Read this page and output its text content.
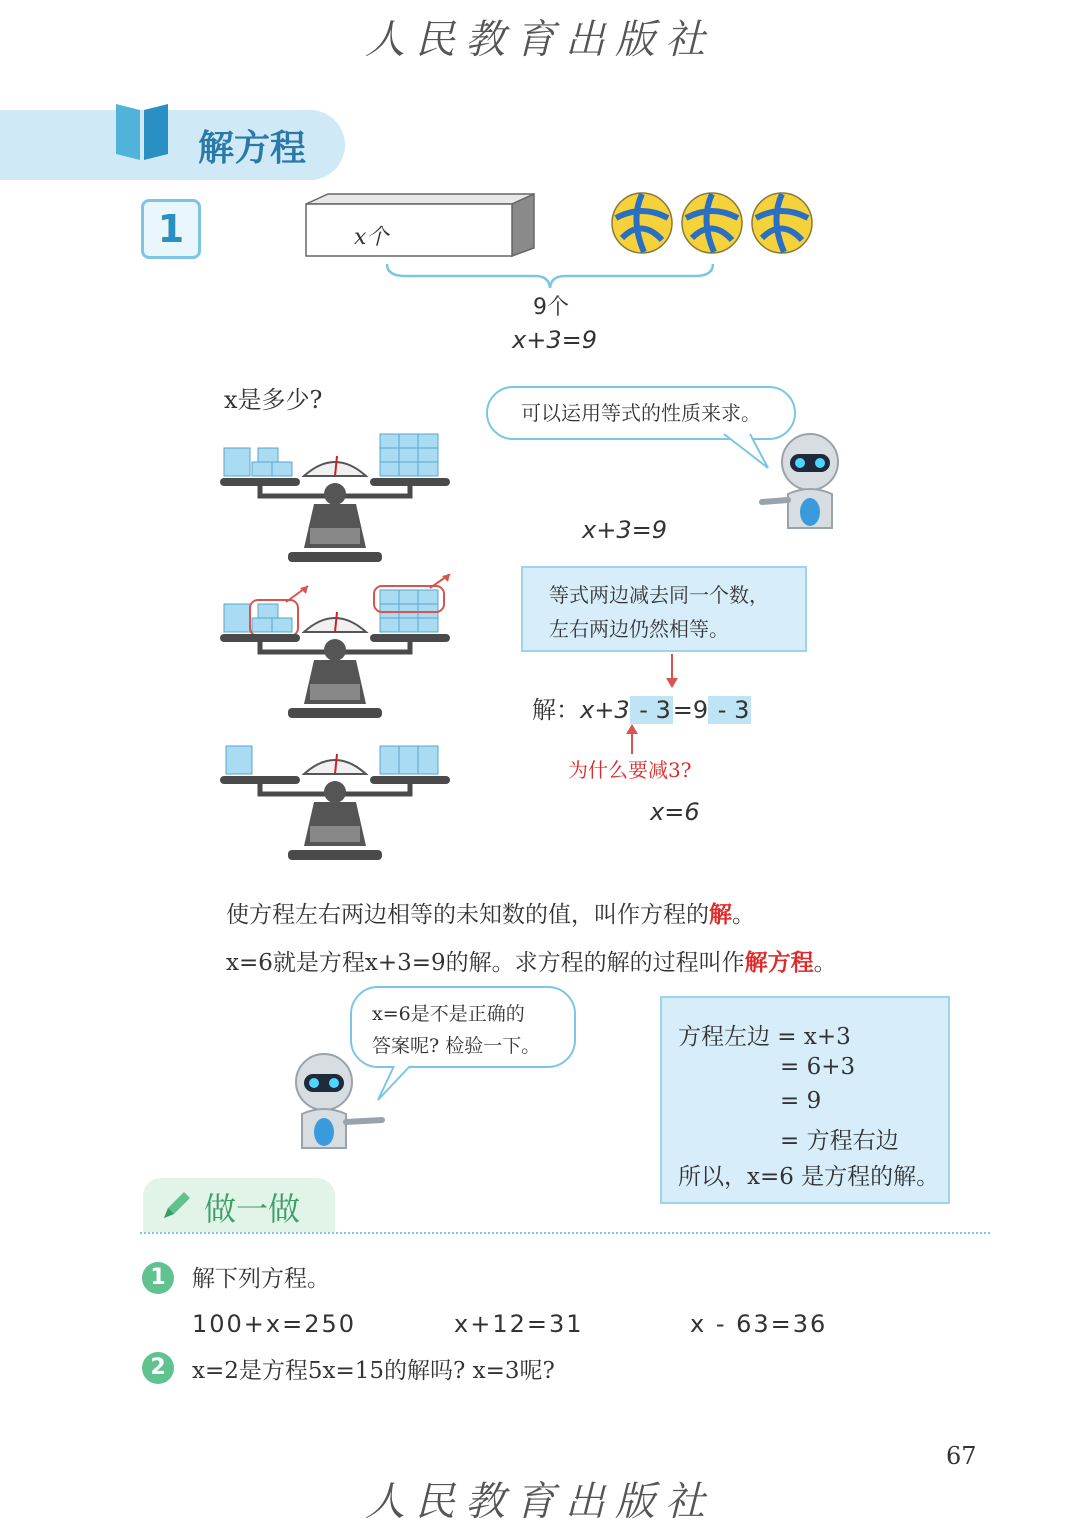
人民教育出版社
解方程
1	x个
9个
x+3=9
x是多少?	可以运用等式的性质来求。
x+3=9
等式两边减去同一个数，
左右两边仍然相等。
解：x+3 - 3=9 - 3
为什么要减3?
x=6
使方程左右两边相等的未知数的值，叫作方程的解。
x=6就是方程x+3=9的解。求方程的解的过程叫作解方程。
x=6是不是正确的
答案呢? 检验一下。	方程左边 = x+3
= 6+3
= 9
= 方程右边
所以，x=6 是方程的解。
做一做
1	解下列方程。
100+x=250	x+12=31	x - 63=36
2	x=2是方程5x=15的解吗? x=3呢?
67
人民教育出版社
